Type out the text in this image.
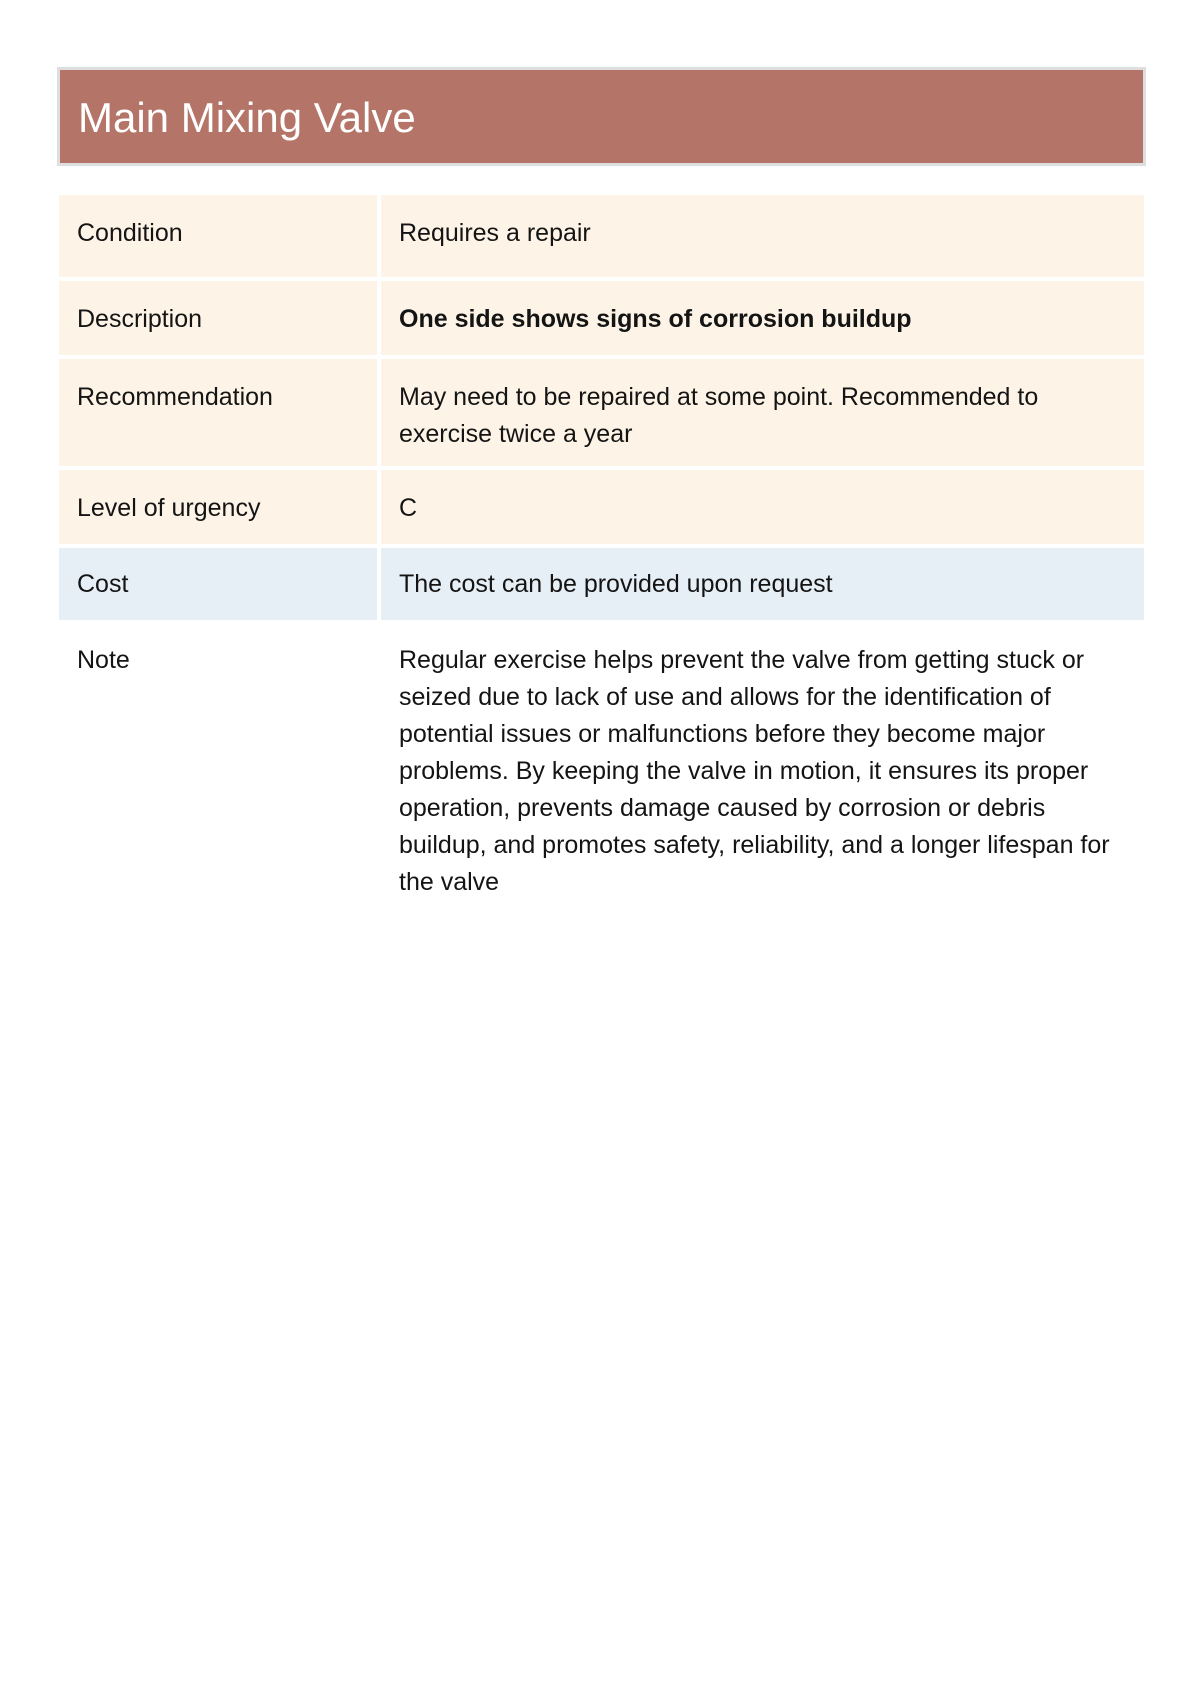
Main Mixing Valve
Condition	Requires a repair
Description	One side shows signs of corrosion buildup
Recommendation	May need to be repaired at some point. Recommended to exercise twice a year
Level of urgency	C
Cost	The cost can be provided upon request
Note	Regular exercise helps prevent the valve from getting stuck or seized due to lack of use and allows for the identification of potential issues or malfunctions before they become major problems. By keeping the valve in motion, it ensures its proper operation, prevents damage caused by corrosion or debris buildup, and promotes safety, reliability, and a longer lifespan for the valve
